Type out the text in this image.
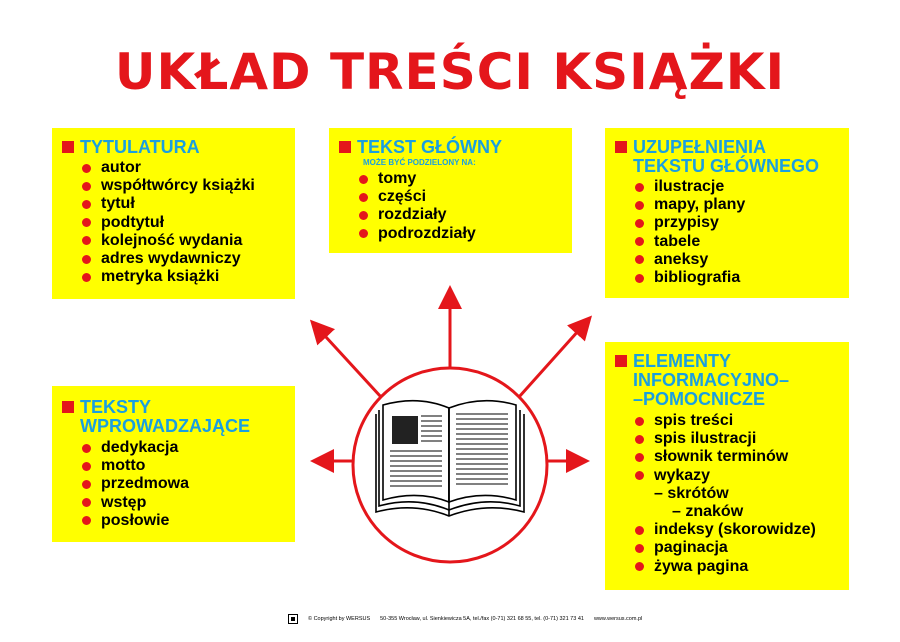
UKŁAD TREŚCI KSIĄŻKI
TYTULATURA
autor
współtwórcy książki
tytuł
podtytuł
kolejność wydania
adres wydawniczy
metryka książki
TEKST GŁÓWNY
MOŻE BYĆ PODZIELONY NA:
tomy
części
rozdziały
podrozdziały
UZUPEŁNIENIA
TEKSTU GŁÓWNEGO
ilustracje
mapy, plany
przypisy
tabele
aneksy
bibliografia
TEKSTY
WPROWADZAJĄCE
dedykacja
motto
przedmowa
wstęp
posłowie
ELEMENTY
INFORMACYJNO–
–POMOCNICZE
spis treści
spis ilustracji
słownik terminów
wykazy
– skrótów
– znaków
indeksy (skorowidze)
paginacja
żywa pagina
© Copyright by WERSUS 50-355 Wrocław, ul. Sienkiewicza 5A, tel./fax (0-71) 321 68 55, tel. (0-71) 321 73 41 www.wersus.com.pl
